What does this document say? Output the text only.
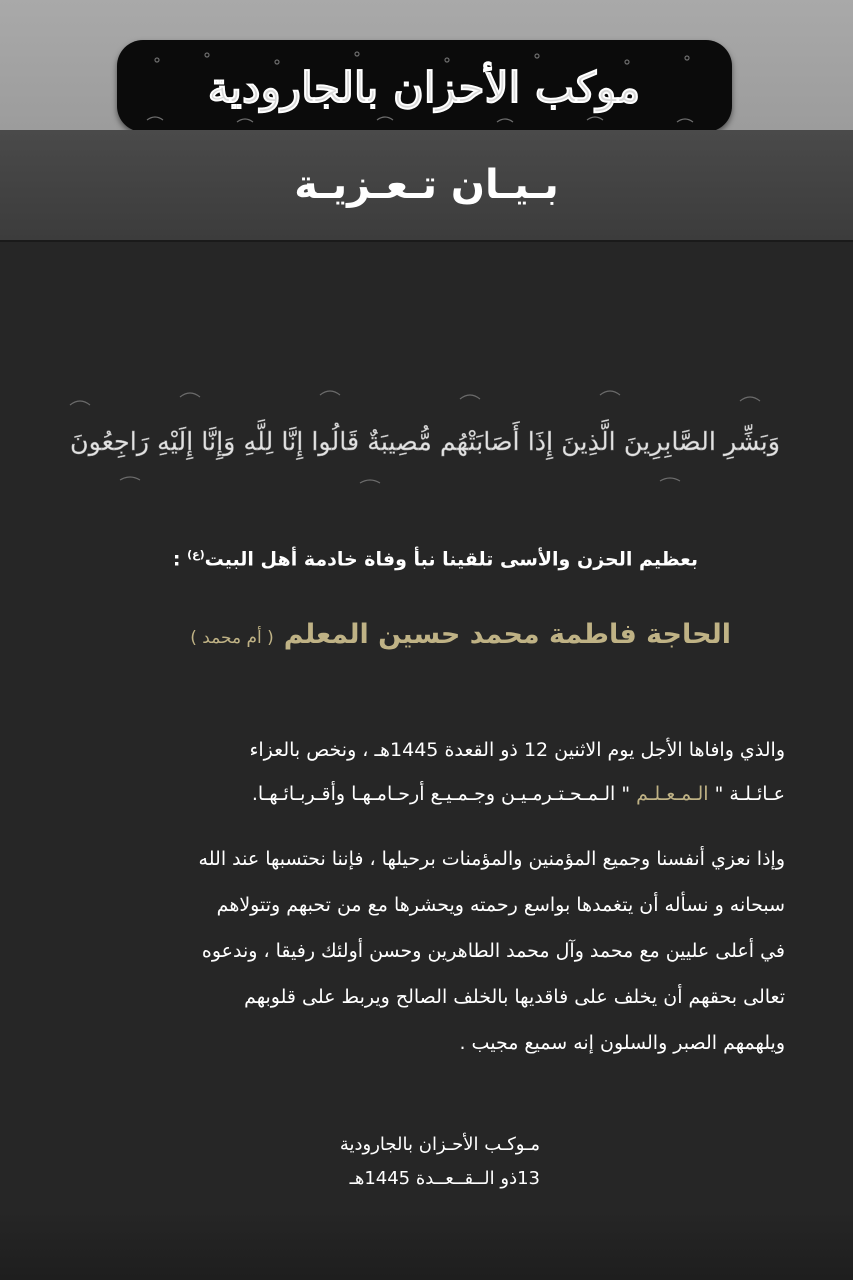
موكب الأحزان بالجارودية
بـيـان تـعـزيـة
وَبَشِّرِ الصَّابِرِينَ الَّذِينَ إِذَا أَصَابَتْهُم مُّصِيبَةٌ قَالُوا إِنَّا لِلَّهِ وَإِنَّا إِلَيْهِ رَاجِعُونَ
بعظيم الحزن والأسى تلقينا نبأ وفاة خادمة أهل البيت$^{(ع)}$ :
الحاجة فاطمة محمد حسين المعلم( أم محمد )
والذي وافاها الأجل يوم الاثنين 12 ذو القعدة 1445هـ ، ونخص بالعزاء
عـائـلـة " الـمـعـلـم " الـمـحـتـرمـيـن وجـمـيـع أرحـامـهـا وأقـربـائـهـا.
وإذا نعزي أنفسنا وجميع المؤمنين والمؤمنات برحيلها ، فإننا نحتسبها عند الله
سبحانه و نسأله أن يتغمدها بواسع رحمته ويحشرها مع من تحبهم وتتولاهم
في أعلى عليين مع محمد وآل محمد الطاهرين وحسن أولئك رفيقا ، وندعوه
تعالى بحقهم أن يخلف على فاقديها بالخلف الصالح ويربط على قلوبهم
ويلهمهم الصبر والسلون إنه سميع مجيب .
مـوكـب الأحـزان بالجارودية
13ذو الــقــعــدة 1445هـ
